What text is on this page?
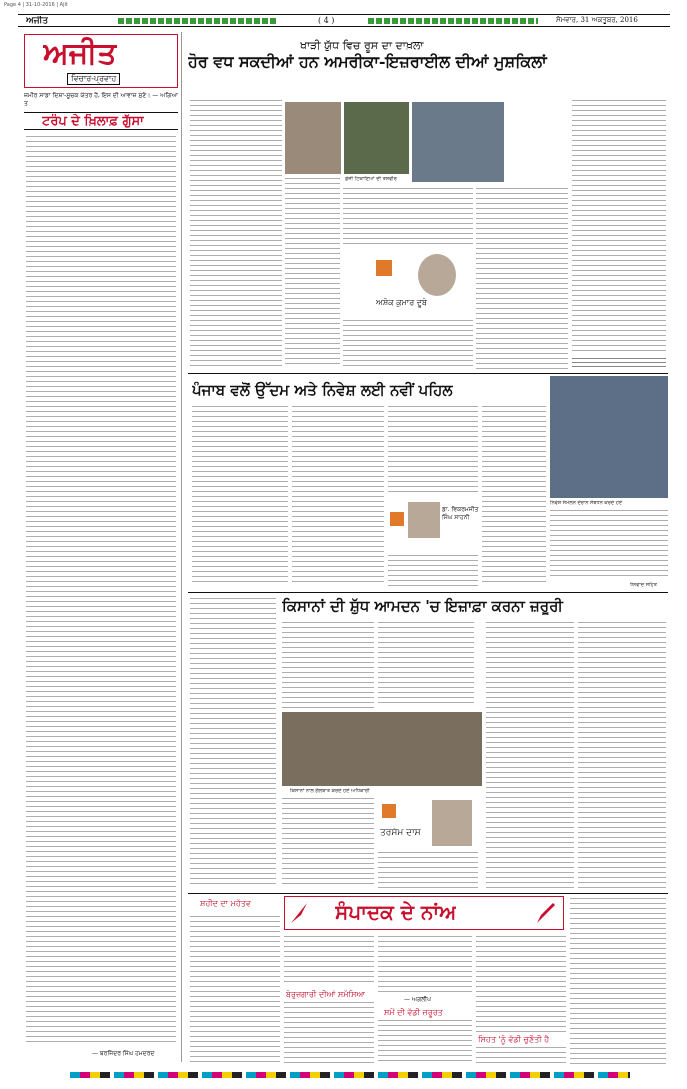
Page 4 | 31-10-2016 | Ajit
ਅਜੀਤ	( 4 )	ਸੋਮਵਾਰ, 31 ਅਕਤੂਬਰ, 2016
ਅਜੀਤ
ਵਿਚਾਰ-ਪ੍ਰਵਾਹ
ਜ਼ਮੀਰ ਸਾਡਾ ਦਿਸ਼ਾ-ਸੂਚਕ ਯੰਤਰ ਹੈ, ਇਸ ਦੀ ਆਵਾਜ਼ ਸੁਣੋ। — ਅਗਿਆਤ
ਟਰੰਪ ਦੇ ਖ਼ਿਲਾਫ਼ ਗੁੱਸਾ
— ਬਰਜਿੰਦਰ ਸਿੰਘ ਹਮਦਰਦ
ਖਾੜੀ ਯੁੱਧ ਵਿਚ ਰੂਸ ਦਾ ਦਾਖ਼ਲਾ
ਹੋਰ ਵਧ ਸਕਦੀਆਂ ਹਨ ਅਮਰੀਕਾ-ਇਜ਼ਰਾਈਲ ਦੀਆਂ ਮੁਸ਼ਕਿਲਾਂ
ਫ਼ੌਜੀ ਟਿਕਾਣਿਆਂ ਦੀ ਤਸਵੀਰ
ਅਸ਼ੋਕ ਕੁਮਾਰ ਦੂਬੇ
ਪੰਜਾਬ ਵਲੋਂ ਉੱਦਮ ਅਤੇ ਨਿਵੇਸ਼ ਲਈ ਨਵੀਂ ਪਹਿਲ
ਨਿਵੇਸ਼ ਸੰਮੇਲਨ ਦੌਰਾਨ ਸੰਬੋਧਨ ਕਰਦੇ ਹੋਏ
ਡਾ. ਵਿਕਰਮਜੀਤ ਸਿੰਘ ਸਾਹਨੀ
ਧੰਨਵਾਦ ਸਹਿਤ
ਕਿਸਾਨਾਂ ਦੀ ਸ਼ੁੱਧ ਆਮਦਨ 'ਚ ਇਜ਼ਾਫ਼ਾ ਕਰਨਾ ਜ਼ਰੂਰੀ
ਕਿਸਾਨਾਂ ਨਾਲ ਗੱਲਬਾਤ ਕਰਦੇ ਹੋਏ ਅਧਿਕਾਰੀ
ਤਰਸੇਮ ਦਾਸ
ਸ਼ਹੀਦ ਦਾ ਮਹੱਤਵ	ਸੰਪਾਦਕ ਦੇ ਨਾਂਅ
ਬੇਰੁਜ਼ਗਾਰੀ ਦੀਆਂ ਸਮੱਸਿਆ
— ਅਗਲੀਪ
ਸਮੇਂ ਦੀ ਵੱਡੀ ਜ਼ਰੂਰਤ
ਸਿਹਤ 'ਨੂੰ ਵੱਡੀ ਚੁਣੌਤੀ ਹੈ
